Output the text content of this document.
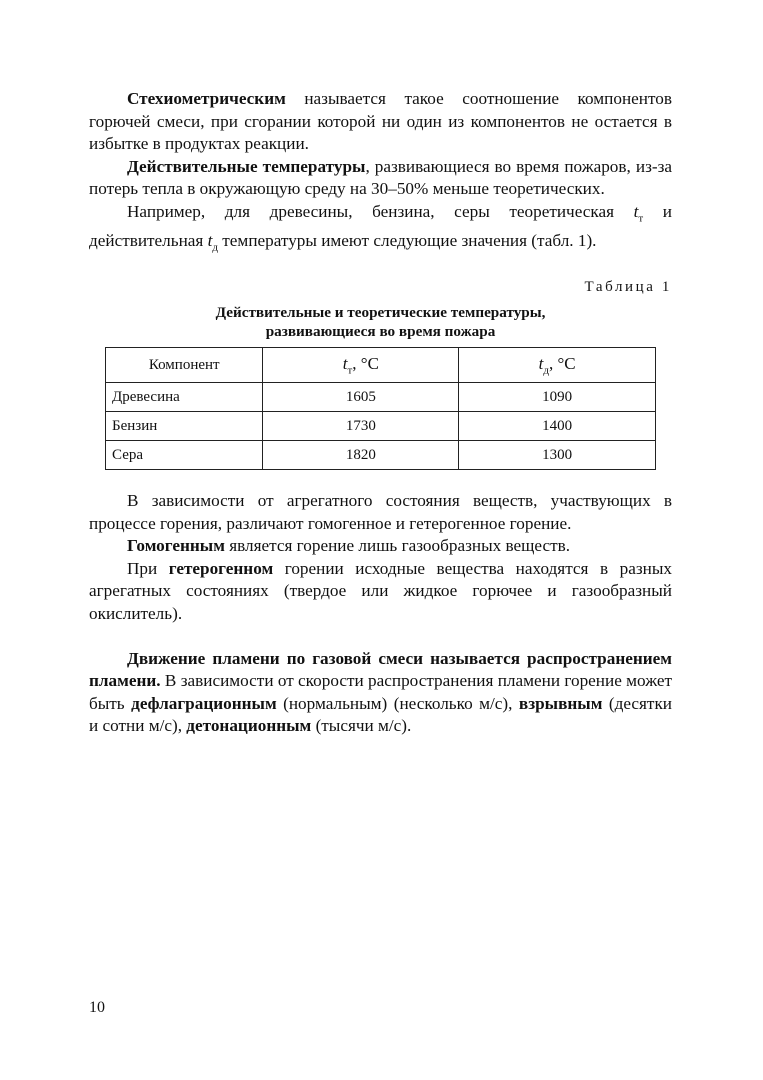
Стехиометрическим называется такое соотношение компонентов горючей смеси, при сгорании которой ни один из компонентов не остается в избытке в продуктах реакции.

Действительные температуры, развивающиеся во время пожаров, из-за потерь тепла в окружающую среду на 30–50% меньше теоретических.

Например, для древесины, бензина, серы теоретическая $t_т$ и действительная $t_д$ температуры имеют следующие значения (табл. 1).

Таблица 1
Действительные и теоретические температуры,
развивающиеся во время пожара
Компонент	$t_т$, °С	$t_д$, °С
Древесина	1605	1090
Бензин	1730	1400
Сера	1820	1300

В зависимости от агрегатного состояния веществ, участвующих в процессе горения, различают гомогенное и гетерогенное горение.

Гомогенным является горение лишь газообразных веществ.

При гетерогенном горении исходные вещества находятся в разных агрегатных состояниях (твердое или жидкое горючее и газообразный окислитель).

Движение пламени по газовой смеси называется распространением пламени. В зависимости от скорости распространения пламени горение может быть дефлаграционным (нормальным) (несколько м/с), взрывным (десятки и сотни м/с), детонационным (тысячи м/с).

10
